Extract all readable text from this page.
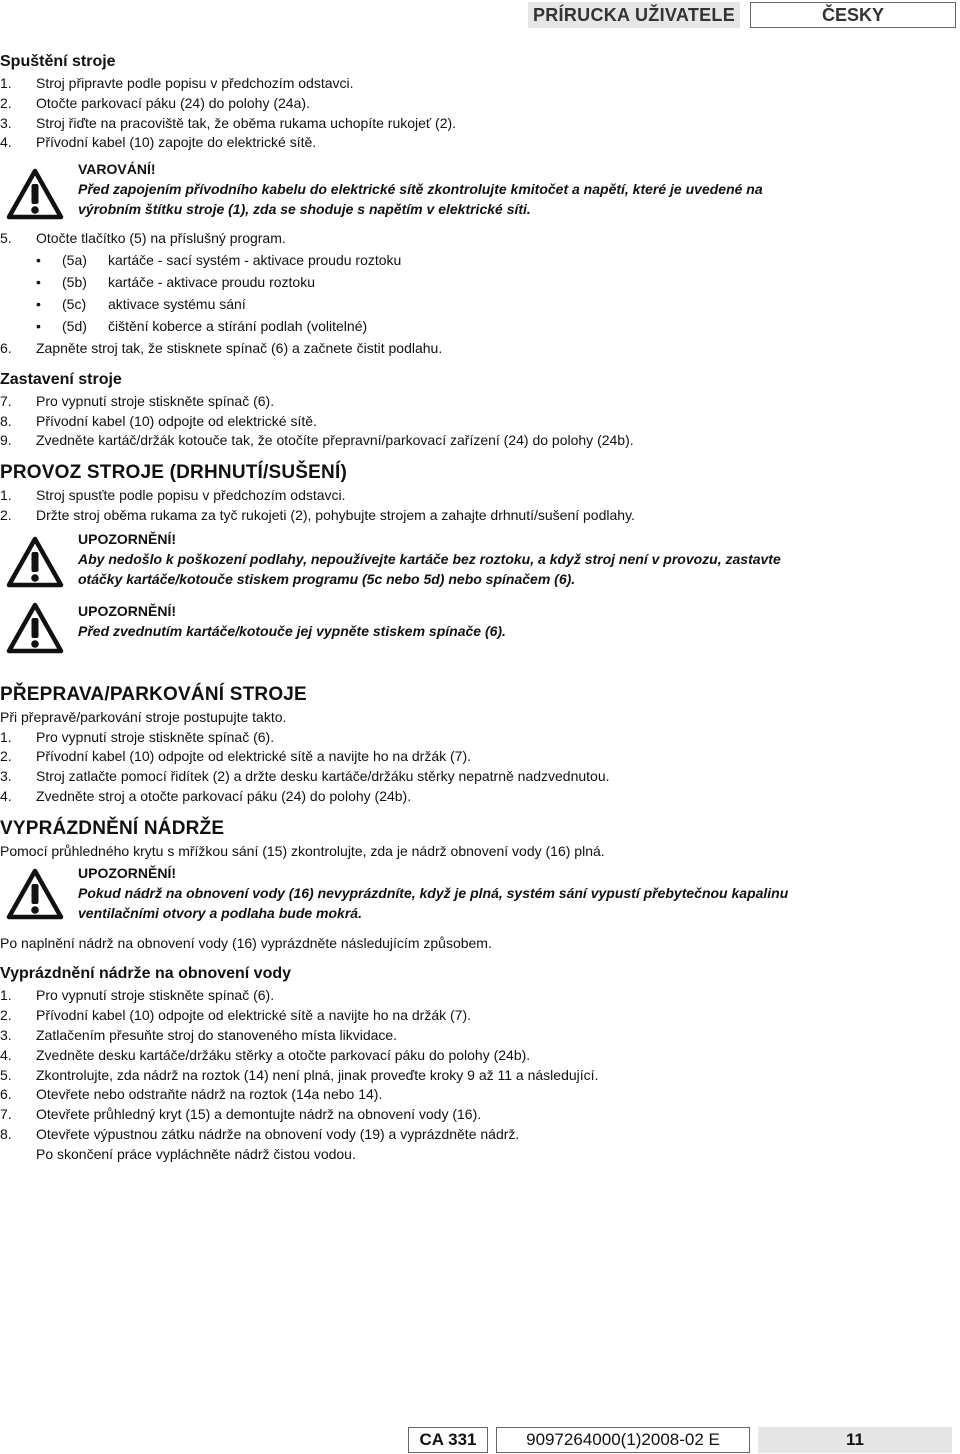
PRÍRUCKA UŽIVATELE	ČESKY
Spuštění stroje

1. Stroj připravte podle popisu v předchozím odstavci.

2. Otočte parkovací páku (24) do polohy (24a).

3. Stroj řiďte na pracoviště tak, že oběma rukama uchopíte rukojeť (2).

4. Přívodní kabel (10) zapojte do elektrické sítě.

VAROVÁNÍ!

Před zapojením přívodního kabelu do elektrické sítě zkontrolujte kmitočet a napětí, které je uvedené na

výrobním štítku stroje (1), zda se shoduje s napětím v elektrické síti.

5. Otočte tlačítko (5) na příslušný program.

• (5a) kartáče - sací systém - aktivace proudu roztoku
• (5b) kartáče - aktivace proudu roztoku
• (5c) aktivace systému sání
• (5d) čištění koberce a stírání podlah (volitelné)

6. Zapněte stroj tak, že stisknete spínač (6) a začnete čistit podlahu.

Zastavení stroje

7. Pro vypnutí stroje stiskněte spínač (6).

8. Přívodní kabel (10) odpojte od elektrické sítě.

9. Zvedněte kartáč/držák kotouče tak, že otočíte přepravní/parkovací zařízení (24) do polohy (24b).

PROVOZ STROJE (DRHNUTÍ/SUŠENÍ)

1. Stroj spusťte podle popisu v předchozím odstavci.

2. Držte stroj oběma rukama za tyč rukojeti (2), pohybujte strojem a zahajte drhnutí/sušení podlahy.

UPOZORNĚNÍ!

Aby nedošlo k poškození podlahy, nepoužívejte kartáče bez roztoku, a když stroj není v provozu, zastavte

otáčky kartáče/kotouče stiskem programu (5c nebo 5d) nebo spínačem (6).

UPOZORNĚNÍ!

Před zvednutím kartáče/kotouče jej vypněte stiskem spínače (6).

PŘEPRAVA/PARKOVÁNÍ STROJE

Při přepravě/parkování stroje postupujte takto.

1. Pro vypnutí stroje stiskněte spínač (6).

2. Přívodní kabel (10) odpojte od elektrické sítě a navijte ho na držák (7).

3. Stroj zatlačte pomocí řidítek (2) a držte desku kartáče/držáku stěrky nepatrně nadzvednutou.

4. Zvedněte stroj a otočte parkovací páku (24) do polohy (24b).

VYPRÁZDNĚNÍ NÁDRŽE

Pomocí průhledného krytu s mřížkou sání (15) zkontrolujte, zda je nádrž obnovení vody (16) plná.

UPOZORNĚNÍ!

Pokud nádrž na obnovení vody (16) nevyprázdníte, když je plná, systém sání vypustí přebytečnou kapalinu

ventilačními otvory a podlaha bude mokrá.

Po naplnění nádrž na obnovení vody (16) vyprázdněte následujícím způsobem.

Vyprázdnění nádrže na obnovení vody

1. Pro vypnutí stroje stiskněte spínač (6).

2. Přívodní kabel (10) odpojte od elektrické sítě a navijte ho na držák (7).

3. Zatlačením přesuňte stroj do stanoveného místa likvidace.

4. Zvedněte desku kartáče/držáku stěrky a otočte parkovací páku do polohy (24b).

5. Zkontrolujte, zda nádrž na roztok (14) není plná, jinak proveďte kroky 9 až 11 a následující.

6. Otevřete nebo odstraňte nádrž na roztok (14a nebo 14).

7. Otevřete průhledný kryt (15) a demontujte nádrž na obnovení vody (16).

8. Otevřete výpustnou zátku nádrže na obnovení vody (19) a vyprázdněte nádrž.

Po skončení práce vypláchněte nádrž čistou vodou.

CA 331	9097264000(1)2008-02 E	11
